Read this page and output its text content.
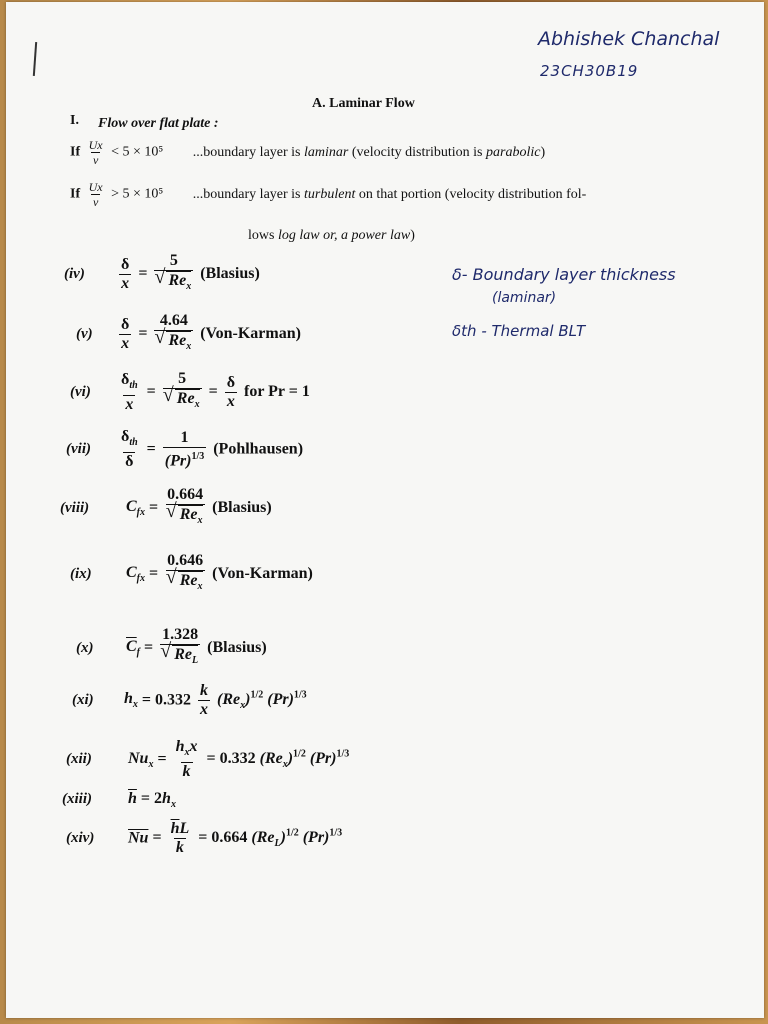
Abhishek Chanchal
23CH30B19
δ- Boundary layer thickness
(laminar)
δth - Thermal BLT
A. Laminar Flow
I. Flow over flat plate :
If $\frac{Ux}{\nu} < 5 \times 10^5$ ...boundary layer is laminar (velocity distribution is parabolic)
If $\frac{Ux}{\nu} > 5 \times 10^5$ ...boundary layer is turbulent on that portion (velocity distribution fol-
lows log law or, a power law)
$(iv) \frac{\delta}{x} = 5$
√ $Re_x$ (Blasius)
$(v) \frac{\delta}{x} = 4.64$
√ $Re_x$ (Von-Karman)
$(vi) \frac{\delta_{th}}{x} = 5$
√ $Re_x = \frac{\delta}{x}$ for Pr = 1
$(vii) \frac{\delta_{th}}{\delta} = \frac{1}{(Pr)^{1/3}}$ (Pohlhausen)
(viii) $C_{fx} = 0.664$
√ $Re_x$ (Blasius)
(ix) $C_{fx} = 0.646$
√ $Re_x$ (Von-Karman)
(x) $\overline{C}_f = 1.328$
√ $Re_L$ (Blasius)
(xi) $h_x = 0.332 \frac{k}{x} (Re_x)^{1/2}$ $(Pr)^{1/3}$
(xii) $Nu_x = \frac{h_xx}{k} = 0.332$ $(Re_x)^{1/2}$ $(Pr)^{1/3}$
(xiii) $\overline{h} = 2h_x$
(xiv) $\overline{Nu} = \frac{\overline{h}L}{k} = 0.664$ $(Re_L)^{1/2}$ $(Pr)^{1/3}$
